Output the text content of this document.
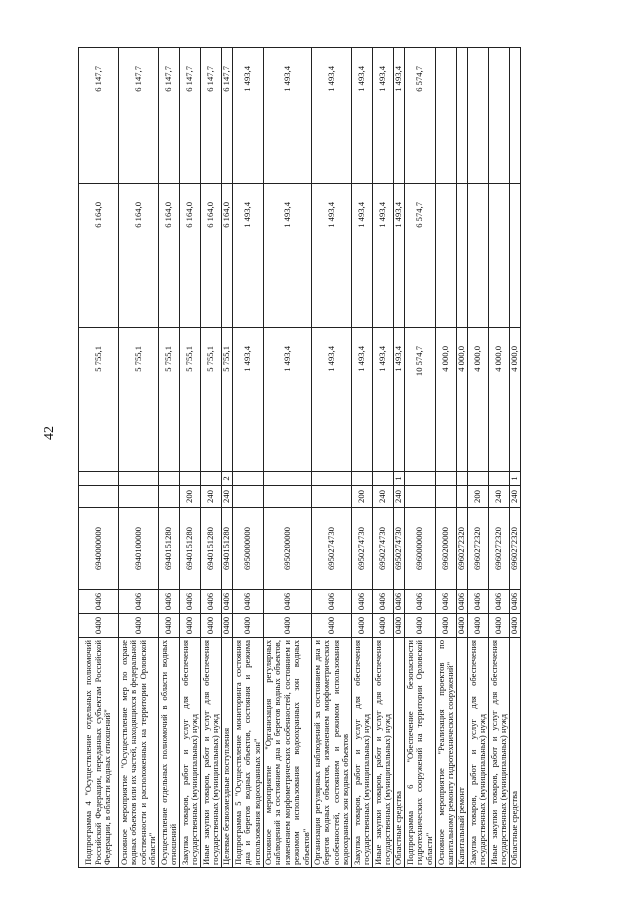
42
Подпрограмма 4 "Осуществление отдельных полномочий Российской Федерации, переданных субъектам Российской Федерации, в области водных отношений"	0400	0406	6940000000			5 755,1	6 164,0	6 147,7
Основное мероприятие "Осуществление мер по охране водных объектов или их частей, находящихся в федеральной собственности и расположенных на территории Орловской области"	0400	0406	6940100000			5 755,1	6 164,0	6 147,7
Осуществление отдельных полномочий в области водных отношений	0400	0406	6940151280			5 755,1	6 164,0	6 147,7
Закупка товаров, работ и услуг для обеспечения государственных (муниципальных) нужд	0400	0406	6940151280	200		5 755,1	6 164,0	6 147,7
Иные закупки товаров, работ и услуг для обеспечения государственных (муниципальных) нужд	0400	0406	6940151280	240		5 755,1	6 164,0	6 147,7
Целевые безвозмездные поступления	0400	0406	6940151280	240	2	5 755,1	6 164,0	6 147,7
Подпрограмма 5 "Осуществление мониторинга состояния дна и берегов водных объектов, состояния и режима использования водоохранных зон"	0400	0406	6950000000			1 493,4	1 493,4	1 493,4
Основное мероприятие "Организация регулярных наблюдений за состоянием дна и берегов водных объектов, изменением морфометрических особенностей, состоянием и режимом использования водоохранных зон водных объектов"	0400	0406	6950200000			1 493,4	1 493,4	1 493,4
Организация регулярных наблюдений за состоянием дна и берегов водных объектов, изменением морфометрических особенностей, состоянием и режимом использования водоохранных зон водных объектов	0400	0406	6950274730			1 493,4	1 493,4	1 493,4
Закупка товаров, работ и услуг для обеспечения государственных (муниципальных) нужд	0400	0406	6950274730	200		1 493,4	1 493,4	1 493,4
Иные закупки товаров, работ и услуг для обеспечения государственных (муниципальных) нужд	0400	0406	6950274730	240		1 493,4	1 493,4	1 493,4
Областные средства	0400	0406	6950274730	240	1	1 493,4	1 493,4	1 493,4
Подпрограмма 6 "Обеспечение безопасности гидротехнических сооружений на территории Орловской области"	0400	0406	6960000000			10 574,7	6 574,7	6 574,7
Основное мероприятие "Реализация проектов по капитальному ремонту гидротехнических сооружений"	0400	0406	6960200000			4 000,0		
Капитальный ремонт	0400	0406	6960272320			4 000,0		
Закупка товаров, работ и услуг для обеспечения государственных (муниципальных) нужд	0400	0406	6960272320	200		4 000,0		
Иные закупки товаров, работ и услуг для обеспечения государственных (муниципальных) нужд	0400	0406	6960272320	240		4 000,0		
Областные средства	0400	0406	6960272320	240	1	4 000,0		
